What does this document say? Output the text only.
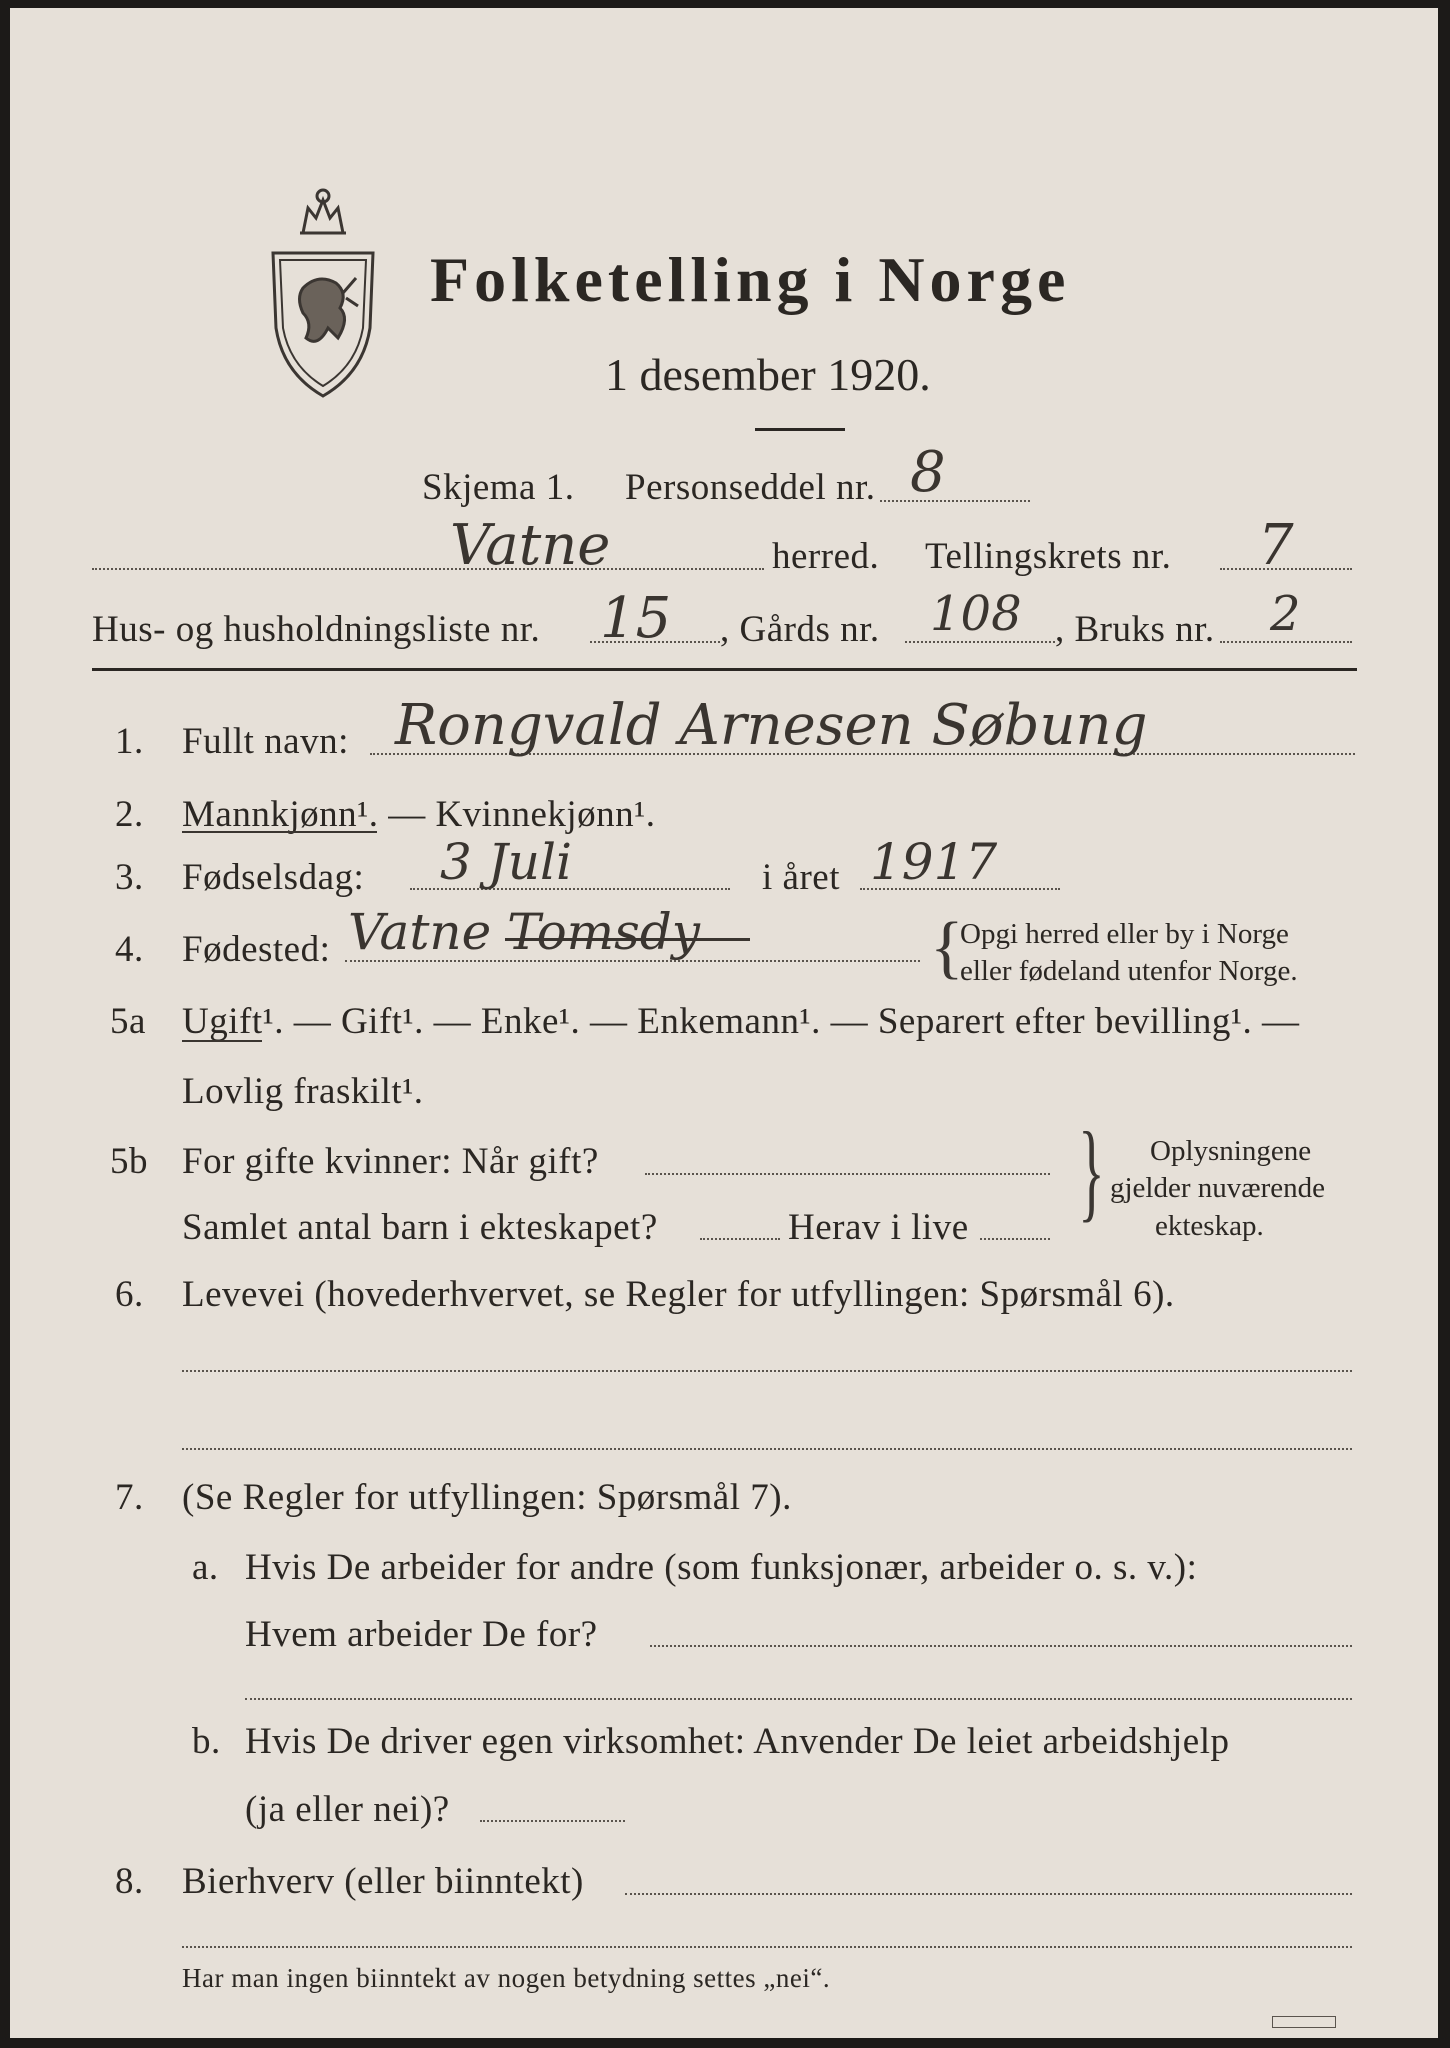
Folketelling i Norge
1 desember 1920.
Skjema 1. Personseddel nr. 8
Vatne	herred. Tellingskrets nr. 7
Hus- og husholdningsliste nr. 15 , Gårds nr. 108 , Bruks nr. 2
1. Fullt navn: Rongvald Arnesen Søbung
2. Mannkjønn¹. — Kvinnekjønn¹.
3. Fødselsdag: 3 Juli	i året 1917
4. Fødested: Vatne Tomsdy	{
Opgi herred eller by i Norge
eller fødeland utenfor Norge.
5a Ugift¹. — Gift¹. — Enke¹. — Enkemann¹. — Separert efter bevilling¹. —
Lovlig fraskilt¹.
5b For gifte kvinner: Når gift?
Samlet antal barn i ekteskapet?	Herav i live { Oplysningene
gjelder nuværende
ekteskap.
6. Levevei (hovederhvervet, se Regler for utfyllingen: Spørsmål 6).
7. (Se Regler for utfyllingen: Spørsmål 7).
a. Hvis De arbeider for andre (som funksjonær, arbeider o. s. v.):
Hvem arbeider De for?
b. Hvis De driver egen virksomhet: Anvender De leiet arbeidshjelp
(ja eller nei)?
8. Bierhverv (eller biinntekt)
Har man ingen biinntekt av nogen betydning settes „nei“.
